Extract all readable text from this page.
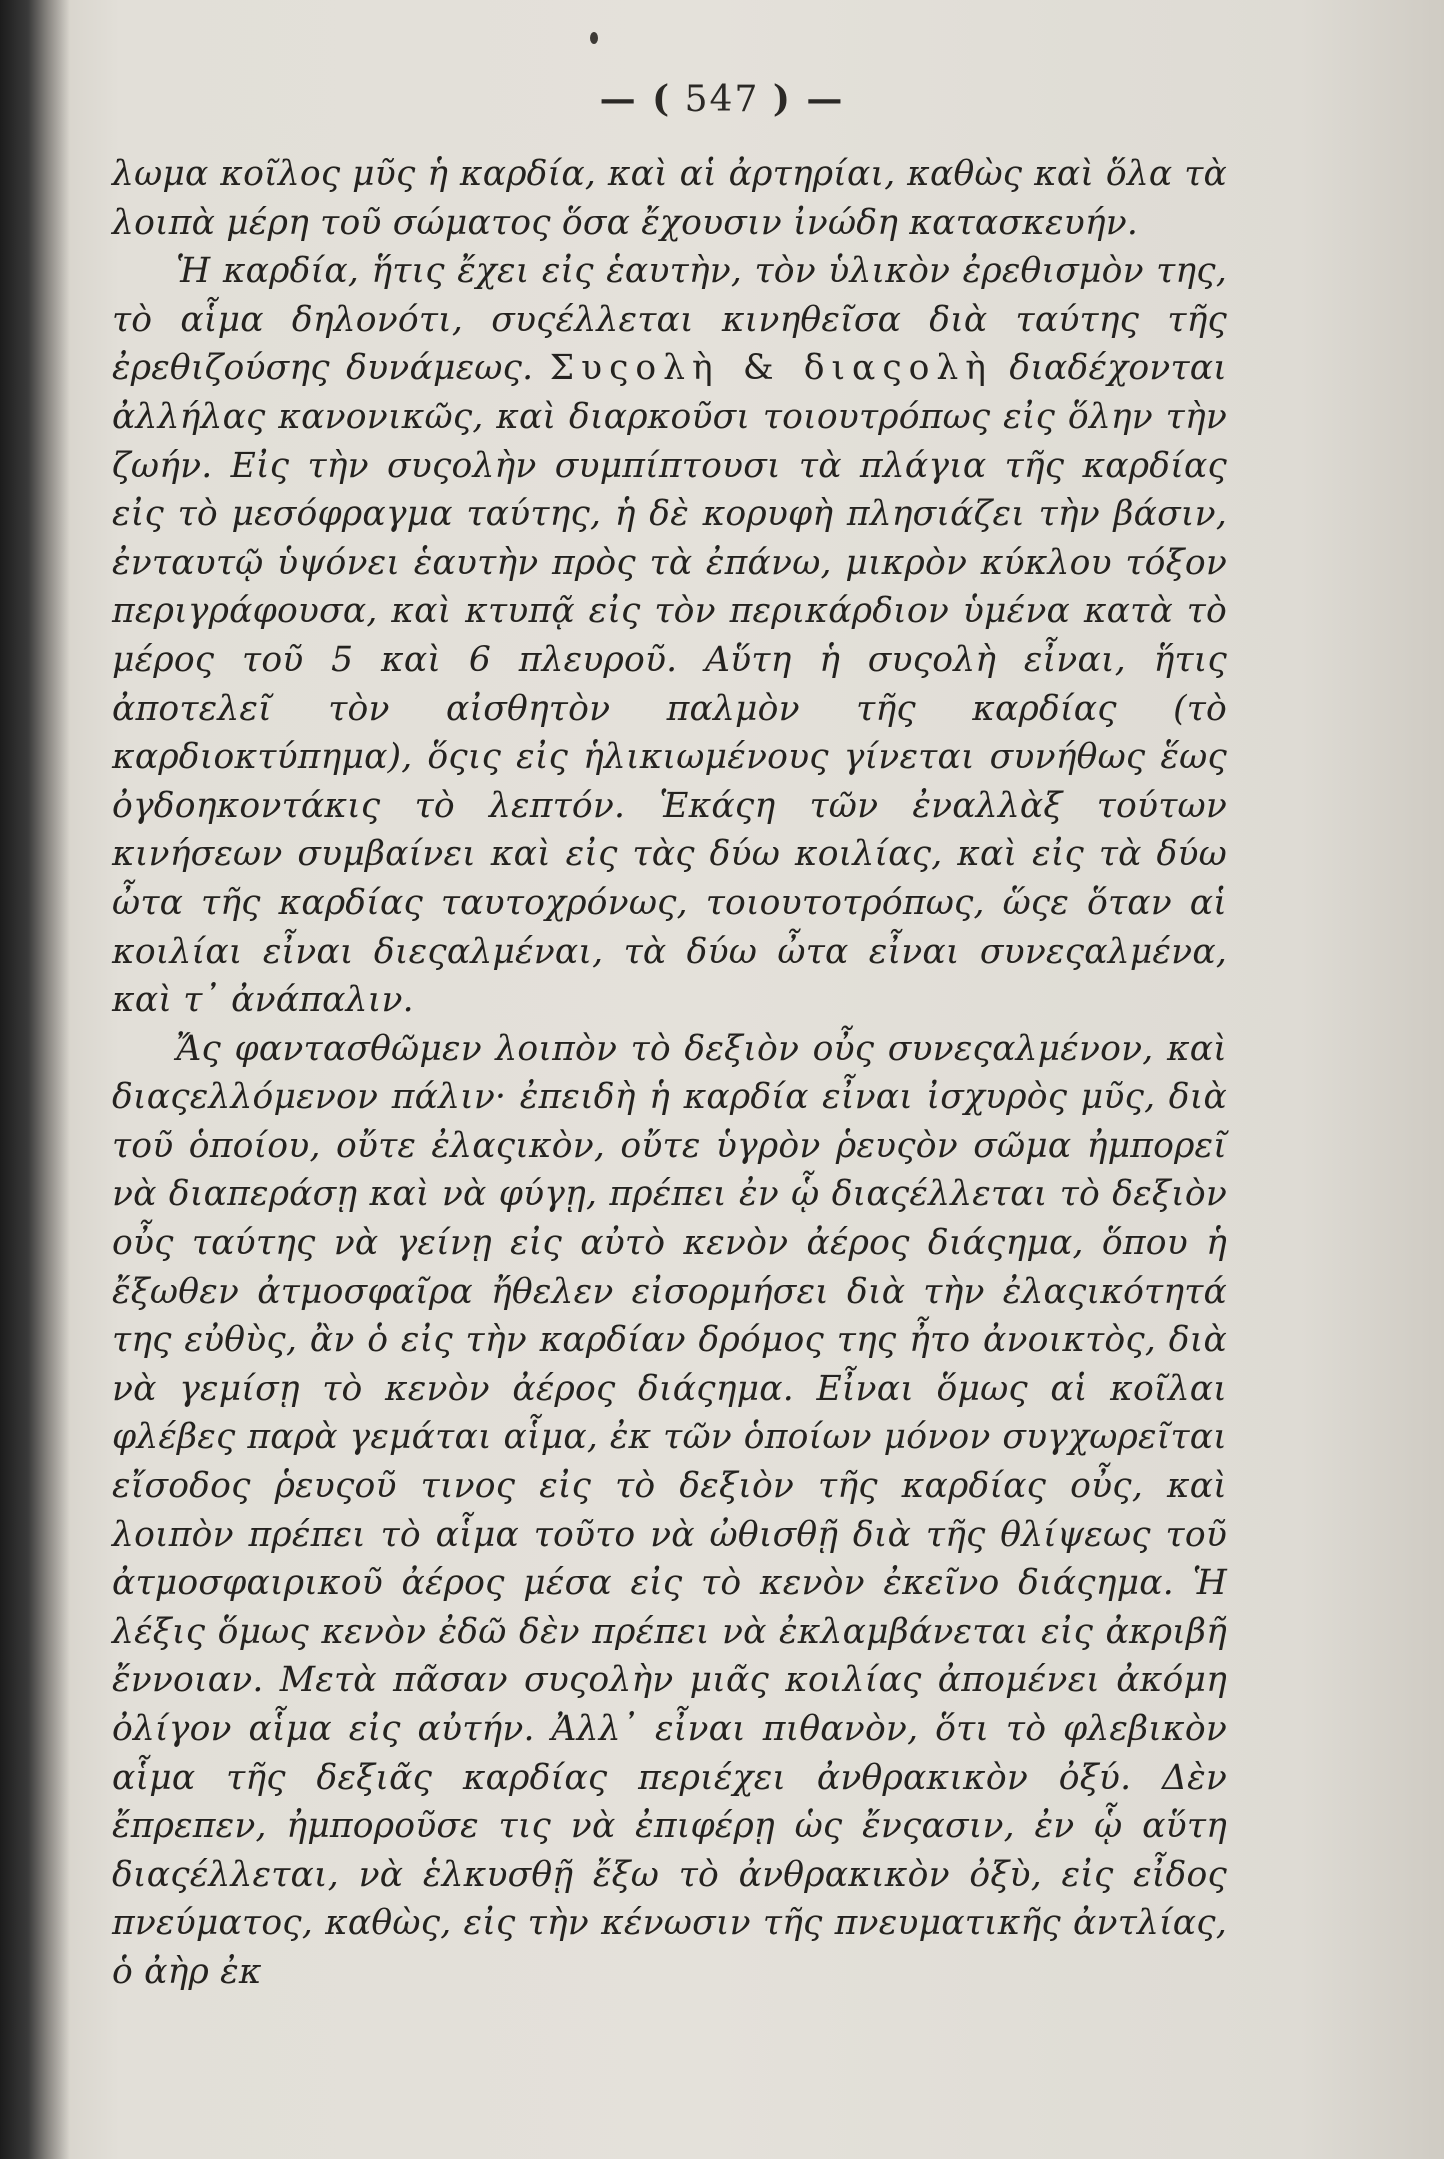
— ( 547 ) —

λωμα κοῖλος μῦς ἡ καρδία, καὶ αἱ ἀρτηρίαι, καθὼς καὶ ὅλα τὰ λοιπὰ μέρη τοῦ σώματος ὅσα ἔχουσιν ἰνώδη κατασκευήν.

Ἡ καρδία, ἥτις ἔχει εἰς ἑαυτὴν, τὸν ὑλικὸν ἐρεθισμὸν της, τὸ αἷμα δηλονότι, συςέλλεται κινηθεῖσα διὰ ταύτης τῆς ἐρεθιζούσης δυνάμεως. Συςολὴ & διαςολὴ διαδέχονται ἀλλήλας κανονικῶς, καὶ διαρκοῦσι τοιουτρόπως εἰς ὅλην τὴν ζωήν. Εἰς τὴν συςολὴν συμπίπτουσι τὰ πλάγια τῆς καρδίας εἰς τὸ μεσόφραγμα ταύτης, ἡ δὲ κορυφὴ πλησιάζει τὴν βάσιν, ἐνταυτῷ ὑψόνει ἑαυτὴν πρὸς τὰ ἐπάνω, μικρὸν κύκλου τόξον περιγράφουσα, καὶ κτυπᾷ εἰς τὸν περικάρδιον ὑμένα κατὰ τὸ μέρος τοῦ 5 καὶ 6 πλευροῦ. Αὕτη ἡ συςολὴ εἶναι, ἥτις ἀποτελεῖ τὸν αἰσθητὸν παλμὸν τῆς καρδίας (τὸ καρδιοκτύπημα), ὅςις εἰς ἡλικιωμένους γίνεται συνήθως ἕως ὀγδοηκοντάκις τὸ λεπτόν. Ἑκάςη τῶν ἐναλλὰξ τούτων κινήσεων συμβαίνει καὶ εἰς τὰς δύω κοιλίας, καὶ εἰς τὰ δύω ὦτα τῆς καρδίας ταυτοχρόνως, τοιουτοτρόπως, ὥςε ὅταν αἱ κοιλίαι εἶναι διεςαλμέναι, τὰ δύω ὦτα εἶναι συνεςαλμένα, καὶ τ᾽ ἀνάπαλιν.

Ἄς φαντασθῶμεν λοιπὸν τὸ δεξιὸν οὖς συνεςαλμένον, καὶ διαςελλόμενον πάλιν· ἐπειδὴ ἡ καρδία εἶναι ἰσχυρὸς μῦς, διὰ τοῦ ὁποίου, οὔτε ἐλαςικὸν, οὔτε ὑγρὸν ῥευςὸν σῶμα ἠμπορεῖ νὰ διαπεράσῃ καὶ νὰ φύγῃ, πρέπει ἐν ᾧ διαςέλλεται τὸ δεξιὸν οὖς ταύτης νὰ γείνῃ εἰς αὐτὸ κενὸν ἀέρος διάςημα, ὅπου ἡ ἔξωθεν ἀτμοσφαῖρα ἤθελεν εἰσορμήσει διὰ τὴν ἐλαςικότητά της εὐθὺς, ἂν ὁ εἰς τὴν καρδίαν δρόμος της ἦτο ἀνοικτὸς, διὰ νὰ γεμίσῃ τὸ κενὸν ἀέρος διάςημα. Εἶναι ὅμως αἱ κοῖλαι φλέβες παρὰ γεμάται αἷμα, ἐκ τῶν ὁποίων μόνον συγχωρεῖται εἴσοδος ῥευςοῦ τινος εἰς τὸ δεξιὸν τῆς καρδίας οὖς, καὶ λοιπὸν πρέπει τὸ αἷμα τοῦτο νὰ ὠθισθῇ διὰ τῆς θλίψεως τοῦ ἀτμοσφαιρικοῦ ἀέρος μέσα εἰς τὸ κενὸν ἐκεῖνο διάςημα. Ἡ λέξις ὅμως κενὸν ἐδῶ δὲν πρέπει νὰ ἐκλαμβάνεται εἰς ἀκριβῆ ἔννοιαν. Μετὰ πᾶσαν συςολὴν μιᾶς κοιλίας ἀπομένει ἀκόμη ὀλίγον αἷμα εἰς αὐτήν. Ἀλλ᾽ εἶναι πιθανὸν, ὅτι τὸ φλεβικὸν αἷμα τῆς δεξιᾶς καρδίας περιέχει ἀνθρακικὸν ὀξύ. Δὲν ἔπρεπεν, ἠμποροῦσε τις νὰ ἐπιφέρῃ ὡς ἔνςασιν, ἐν ᾧ αὕτη διαςέλλεται, νὰ ἑλκυσθῇ ἔξω τὸ ἀνθρακικὸν ὀξὺ, εἰς εἶδος πνεύματος, καθὼς, εἰς τὴν κένωσιν τῆς πνευματικῆς ἀντλίας, ὁ ἀὴρ ἐκ
